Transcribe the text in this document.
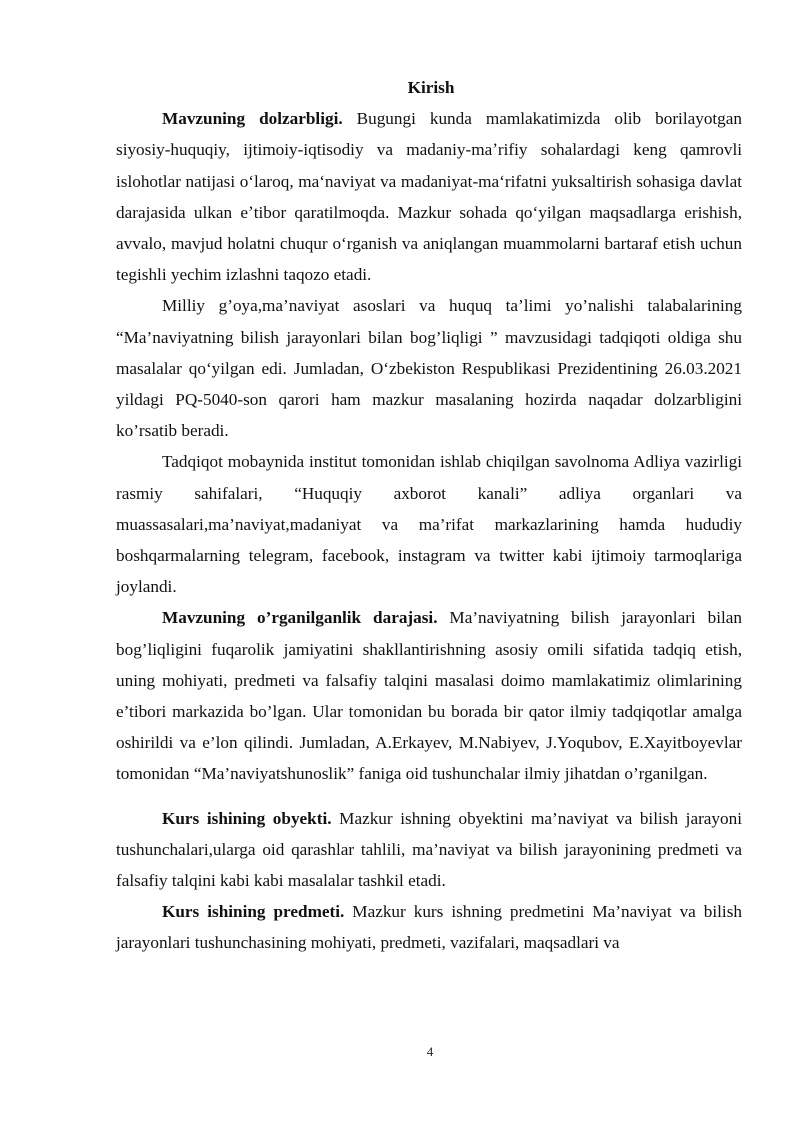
Kirish

Mavzuning dolzarbligi. Bugungi kunda mamlakatimizda olib borilayotgan siyosiy-huquqiy, ijtimoiy-iqtisodiy va madaniy-maʼrifiy sohalardagi keng qamrovli islohotlar natijasi oʻlaroq, maʻnaviyat va madaniyat-maʻrifatni yuksaltirish sohasiga davlat darajasida ulkan eʼtibor qaratilmoqda. Mazkur sohada qoʻyilgan maqsadlarga erishish, avvalo, mavjud holatni chuqur oʻrganish va aniqlangan muammolarni bartaraf etish uchun tegishli yechim izlashni taqozo etadi.

Milliy g’oya,ma’naviyat asoslari va huquq ta’limi yo’nalishi talabalarining “Ma’naviyatning bilish jarayonlari bilan bog’liqligi ” mavzusidagi tadqiqoti oldiga shu masalalar qoʻyilgan edi. Jumladan, Oʻzbekiston Respublikasi Prezidentining 26.03.2021 yildagi PQ-5040-son qarori ham mazkur masalaning hozirda naqadar dolzarbligini ko’rsatib beradi.

Tadqiqot mobaynida institut tomonidan ishlab chiqilgan savolnoma Adliya vazirligi rasmiy sahifalari, “Huquqiy axborot kanali” adliya organlari va muassasalari,ma’naviyat,madaniyat va ma’rifat markazlarining hamda hududiy boshqarmalarning telegram, facebook, instagram va twitter kabi ijtimoiy tarmoqlariga joylandi.

Mavzuning o’rganilganlik darajasi. Ma’naviyatning bilish jarayonlari bilan bog’liqligini fuqarolik jamiyatini shakllantirishning asosiy omili sifatida tadqiq etish, uning mohiyati, predmeti va falsafiy talqini masalasi doimo mamlakatimiz olimlarining e’tibori markazida bo’lgan. Ular tomonidan bu borada bir qator ilmiy tadqiqotlar amalga oshirildi va e’lon qilindi. Jumladan, A.Erkayev, M.Nabiyev, J.Yoqubov, E.Xayitboyevlar tomonidan “Ma’naviyatshunoslik” faniga oid tushunchalar ilmiy jihatdan o’rganilgan.

Kurs ishining obyekti. Mazkur ishning obyektini ma’naviyat va bilish jarayoni tushunchalari,ularga oid qarashlar tahlili, ma’naviyat va bilish jarayonining predmeti va falsafiy talqini kabi kabi masalalar tashkil etadi.

Kurs ishining predmeti. Mazkur kurs ishning predmetini Ma’naviyat va bilish jarayonlari tushunchasining mohiyati, predmeti, vazifalari, maqsadlari va

4
